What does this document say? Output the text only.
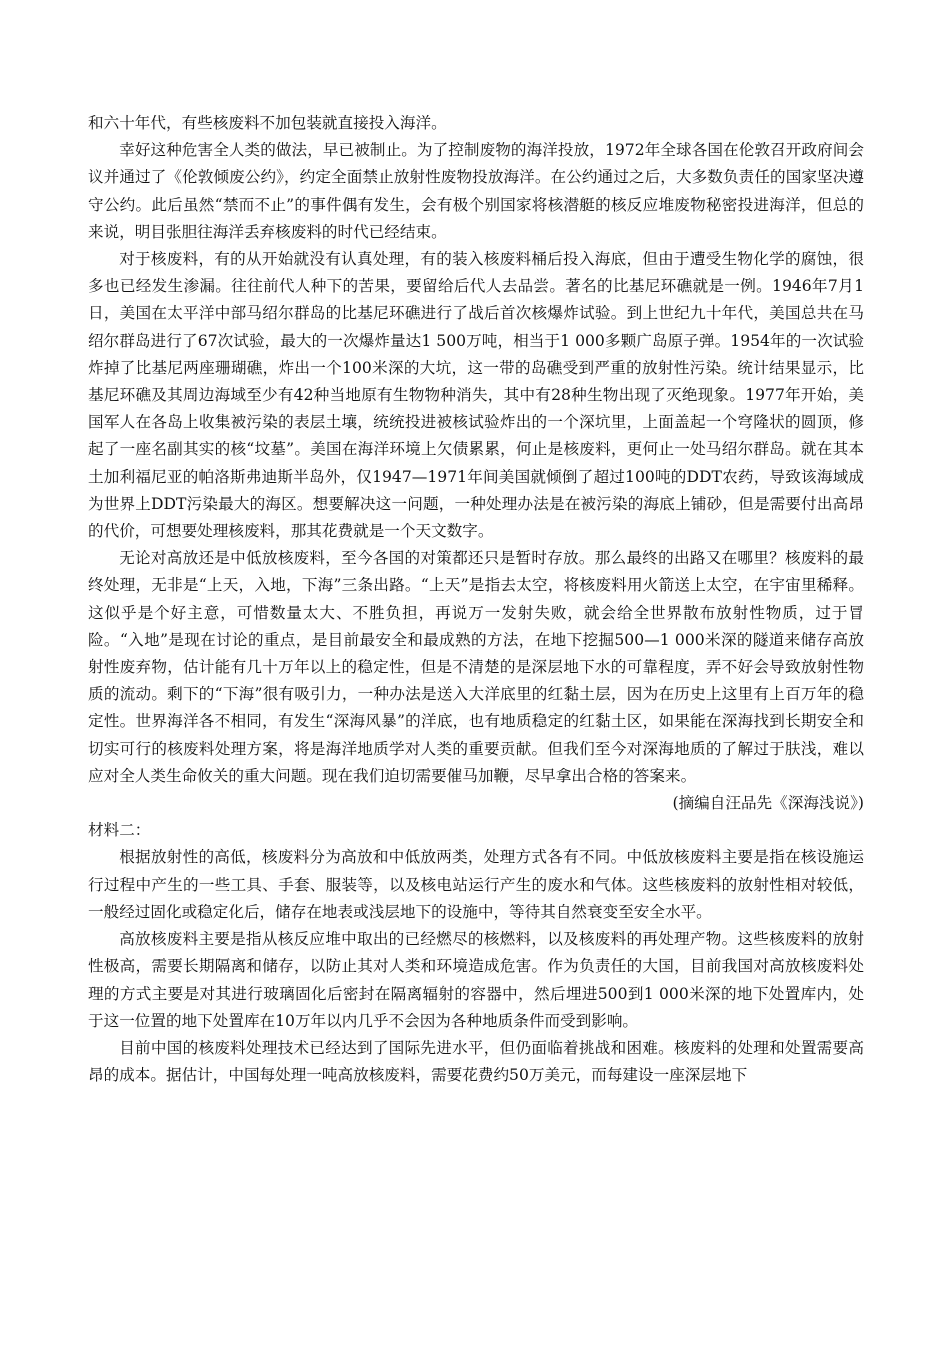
和六十年代，有些核废料不加包装就直接投入海洋。

幸好这种危害全人类的做法，早已被制止。为了控制废物的海洋投放，1972年全球各国在伦敦召开政府间会议并通过了《伦敦倾废公约》，约定全面禁止放射性废物投放海洋。在公约通过之后，大多数负责任的国家坚决遵守公约。此后虽然“禁而不止”的事件偶有发生，会有极个别国家将核潜艇的核反应堆废物秘密投进海洋，但总的来说，明目张胆往海洋丢弃核废料的时代已经结束。

对于核废料，有的从开始就没有认真处理，有的装入核废料桶后投入海底，但由于遭受生物化学的腐蚀，很多也已经发生渗漏。往往前代人种下的苦果，要留给后代人去品尝。著名的比基尼环礁就是一例。1946年7月1日，美国在太平洋中部马绍尔群岛的比基尼环礁进行了战后首次核爆炸试验。到上世纪九十年代，美国总共在马绍尔群岛进行了67次试验，最大的一次爆炸量达1 500万吨，相当于1 000多颗广岛原子弹。1954年的一次试验炸掉了比基尼两座珊瑚礁，炸出一个100米深的大坑，这一带的岛礁受到严重的放射性污染。统计结果显示，比基尼环礁及其周边海域至少有42种当地原有生物物种消失，其中有28种生物出现了灭绝现象。1977年开始，美国军人在各岛上收集被污染的表层土壤，统统投进被核试验炸出的一个深坑里，上面盖起一个穹隆状的圆顶，修起了一座名副其实的核“坟墓”。美国在海洋环境上欠债累累，何止是核废料，更何止一处马绍尔群岛。就在其本土加利福尼亚的帕洛斯弗迪斯半岛外，仅1947—1971年间美国就倾倒了超过100吨的DDT农药，导致该海域成为世界上DDT污染最大的海区。想要解决这一问题，一种处理办法是在被污染的海底上铺砂，但是需要付出高昂的代价，可想要处理核废料，那其花费就是一个天文数字。

无论对高放还是中低放核废料，至今各国的对策都还只是暂时存放。那么最终的出路又在哪里？核废料的最终处理，无非是“上天，入地，下海”三条出路。“上天”是指去太空，将核废料用火箭送上太空，在宇宙里稀释。这似乎是个好主意，可惜数量太大、不胜负担，再说万一发射失败，就会给全世界散布放射性物质，过于冒险。“入地”是现在讨论的重点，是目前最安全和最成熟的方法，在地下挖掘500—1 000米深的隧道来储存高放射性废弃物，估计能有几十万年以上的稳定性，但是不清楚的是深层地下水的可靠程度，弄不好会导致放射性物质的流动。剩下的“下海”很有吸引力，一种办法是送入大洋底里的红黏土层，因为在历史上这里有上百万年的稳定性。世界海洋各不相同，有发生“深海风暴”的洋底，也有地质稳定的红黏土区，如果能在深海找到长期安全和切实可行的核废料处理方案，将是海洋地质学对人类的重要贡献。但我们至今对深海地质的了解过于肤浅，难以应对全人类生命攸关的重大问题。现在我们迫切需要催马加鞭，尽早拿出合格的答案来。

(摘编自汪品先《深海浅说》)

材料二：

根据放射性的高低，核废料分为高放和中低放两类，处理方式各有不同。中低放核废料主要是指在核设施运行过程中产生的一些工具、手套、服装等，以及核电站运行产生的废水和气体。这些核废料的放射性相对较低，一般经过固化或稳定化后，储存在地表或浅层地下的设施中，等待其自然衰变至安全水平。

高放核废料主要是指从核反应堆中取出的已经燃尽的核燃料，以及核废料的再处理产物。这些核废料的放射性极高，需要长期隔离和储存，以防止其对人类和环境造成危害。作为负责任的大国，目前我国对高放核废料处理的方式主要是对其进行玻璃固化后密封在隔离辐射的容器中，然后埋进500到1 000米深的地下处置库内，处于这一位置的地下处置库在10万年以内几乎不会因为各种地质条件而受到影响。

目前中国的核废料处理技术已经达到了国际先进水平，但仍面临着挑战和困难。核废料的处理和处置需要高昂的成本。据估计，中国每处理一吨高放核废料，需要花费约50万美元，而每建设一座深层地下
